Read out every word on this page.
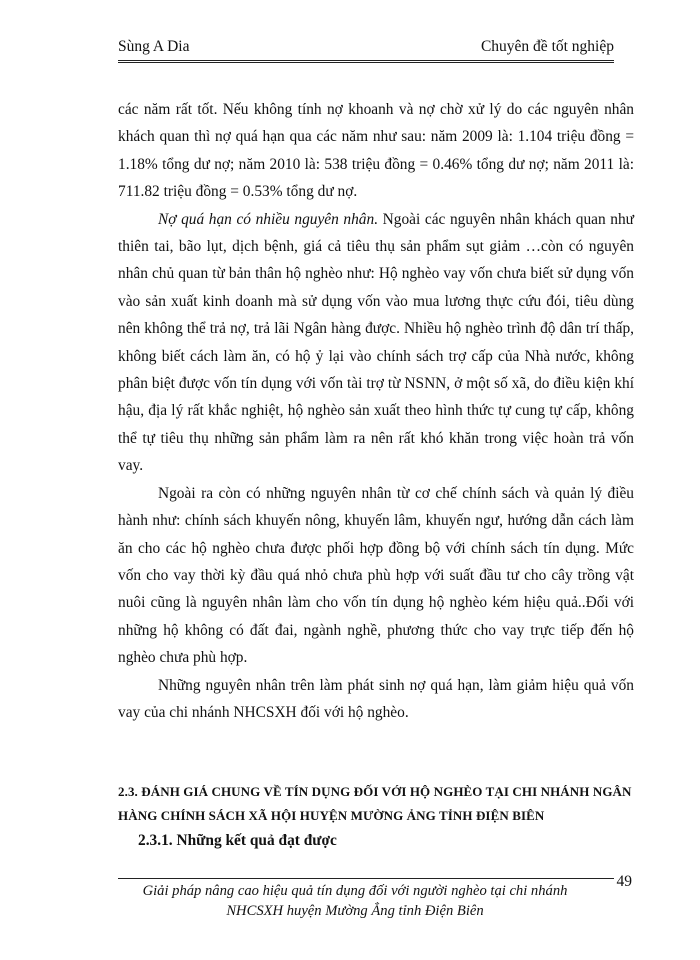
Sùng A Dia	Chuyên đề tốt nghiệp

các năm rất tốt. Nếu không tính nợ khoanh và nợ chờ xử lý do các nguyên nhân khách quan thì nợ quá hạn qua các năm như sau: năm 2009 là: 1.104 triệu đồng = 1.18% tổng dư nợ; năm 2010 là: 538 triệu đồng = 0.46% tổng dư nợ; năm 2011 là: 711.82 triệu đồng = 0.53% tổng dư nợ.

Nợ quá hạn có nhiều nguyên nhân. Ngoài các nguyên nhân khách quan như thiên tai, bão lụt, dịch bệnh, giá cả tiêu thụ sản phẩm sụt giảm …còn có nguyên nhân chủ quan từ bản thân hộ nghèo như: Hộ nghèo vay vốn chưa biết sử dụng vốn vào sản xuất kinh doanh mà sử dụng vốn vào mua lương thực cứu đói, tiêu dùng nên không thể trả nợ, trả lãi Ngân hàng được. Nhiều hộ nghèo trình độ dân trí thấp, không biết cách làm ăn, có hộ ỷ lại vào chính sách trợ cấp của Nhà nước, không phân biệt được vốn tín dụng với vốn tài trợ từ NSNN, ở một số xã, do điều kiện khí hậu, địa lý rất khắc nghiệt, hộ nghèo sản xuất theo hình thức tự cung tự cấp, không thể tự tiêu thụ những sản phẩm làm ra nên rất khó khăn trong việc hoàn trả vốn vay.

Ngoài ra còn có những nguyên nhân từ cơ chế chính sách và quản lý điều hành như: chính sách khuyến nông, khuyến lâm, khuyến ngư, hướng dẫn cách làm ăn cho các hộ nghèo chưa được phối hợp đồng bộ với chính sách tín dụng. Mức vốn cho vay thời kỳ đầu quá nhỏ chưa phù hợp với suất đầu tư cho cây trồng vật nuôi cũng là nguyên nhân làm cho vốn tín dụng hộ nghèo kém hiệu quả..Đối với những hộ không có đất đai, ngành nghề, phương thức cho vay trực tiếp đến hộ nghèo chưa phù hợp.

Những nguyên nhân trên làm phát sinh nợ quá hạn, làm giảm hiệu quả vốn vay của chi nhánh NHCSXH đối với hộ nghèo.

2.3. ĐÁNH GIÁ CHUNG VỀ TÍN DỤNG ĐỐI VỚI HỘ NGHÈO TẠI CHI NHÁNH NGÂN HÀNG CHÍNH SÁCH XÃ HỘI HUYỆN MƯỜNG ẢNG TỈNH ĐIỆN BIÊN

2.3.1. Những kết quả đạt được

Giải pháp nâng cao hiệu quả tín dụng đối với người nghèo tại chi nhánh
NHCSXH huyện Mường Ẳng tỉnh Điện Biên
49
